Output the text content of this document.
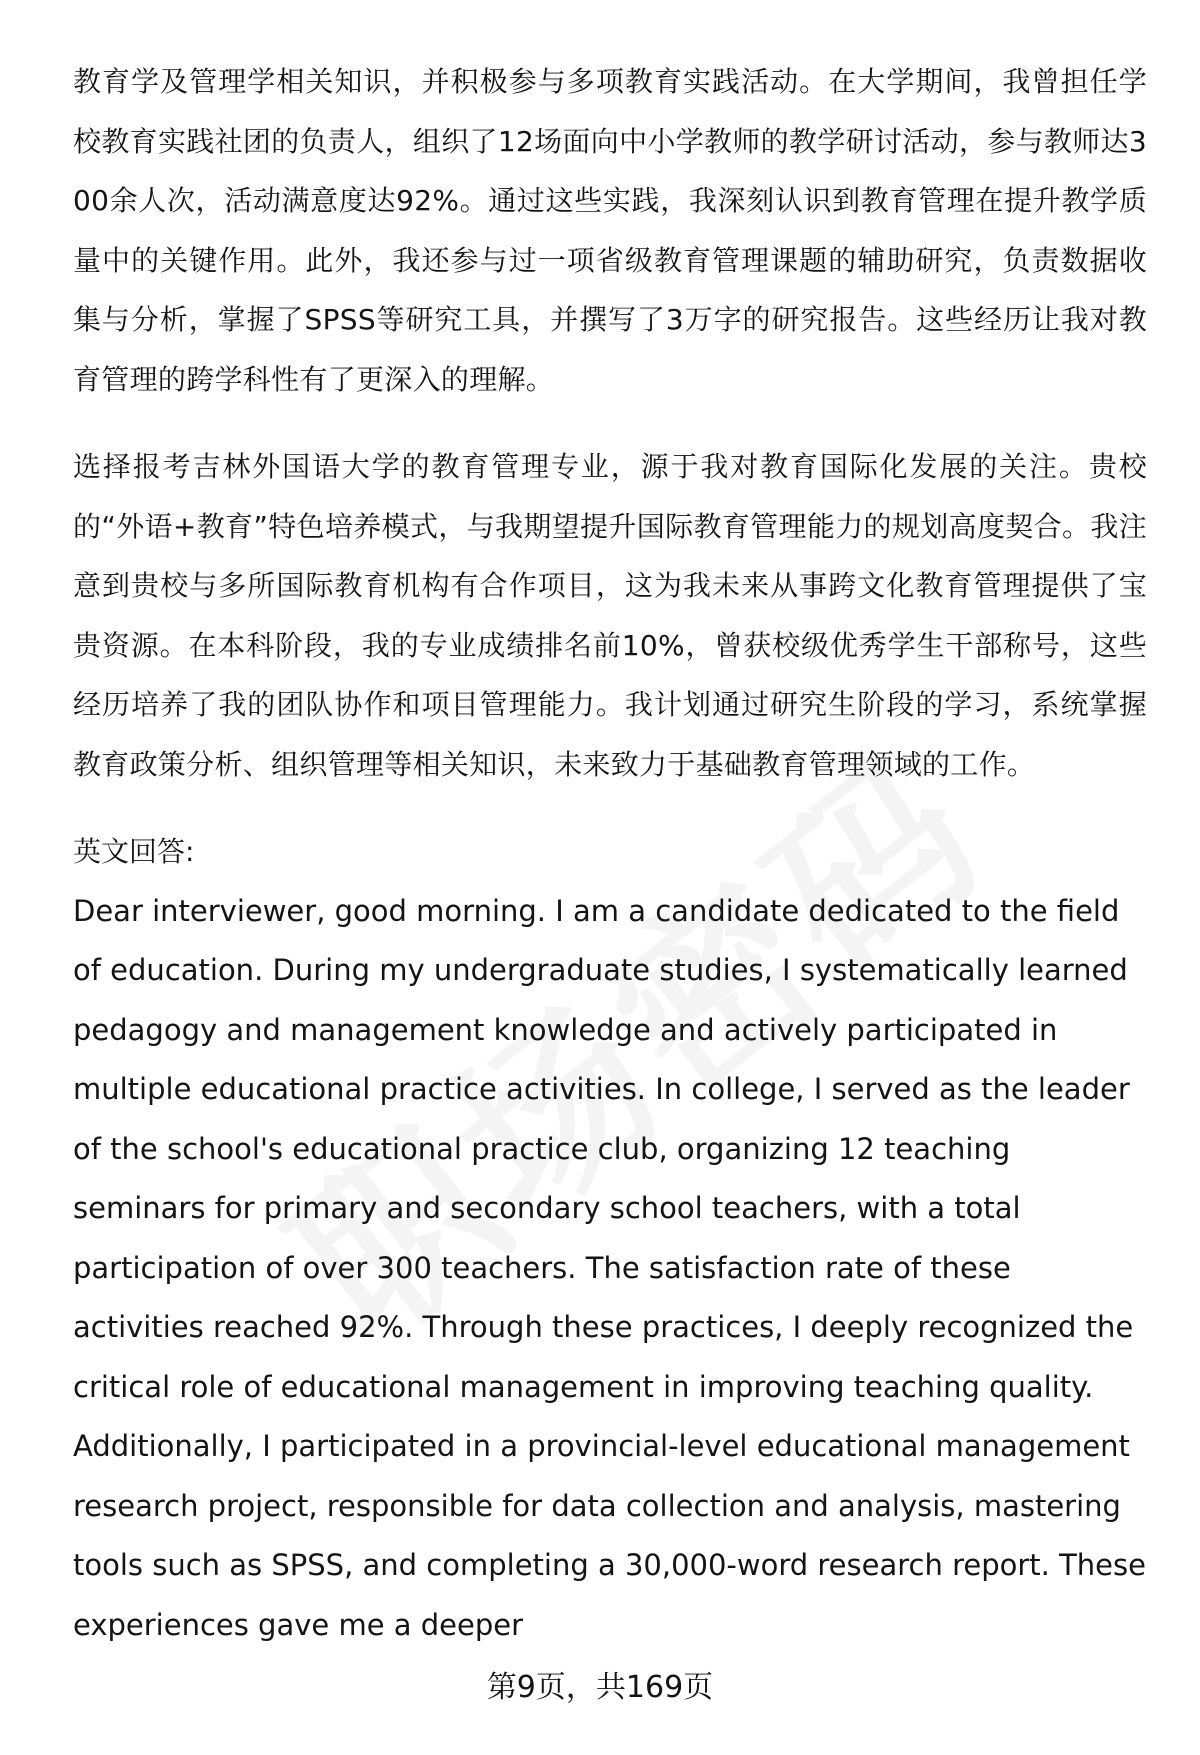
教育学及管理学相关知识，并积极参与多项教育实践活动。在大学期间，我曾担任学校教育实践社团的负责人，组织了12场面向中小学教师的教学研讨活动，参与教师达300余人次，活动满意度达92%。通过这些实践，我深刻认识到教育管理在提升教学质量中的关键作用。此外，我还参与过一项省级教育管理课题的辅助研究，负责数据收集与分析，掌握了SPSS等研究工具，并撰写了3万字的研究报告。这些经历让我对教育管理的跨学科性有了更深入的理解。

选择报考吉林外国语大学的教育管理专业，源于我对教育国际化发展的关注。贵校的“外语+教育”特色培养模式，与我期望提升国际教育管理能力的规划高度契合。我注意到贵校与多所国际教育机构有合作项目，这为我未来从事跨文化教育管理提供了宝贵资源。在本科阶段，我的专业成绩排名前10%，曾获校级优秀学生干部称号，这些经历培养了我的团队协作和项目管理能力。我计划通过研究生阶段的学习，系统掌握教育政策分析、组织管理等相关知识，未来致力于基础教育管理领域的工作。

英文回答:

Dear interviewer, good morning. I am a candidate dedicated to the field of education. During my undergraduate studies, I systematically learned pedagogy and management knowledge and actively participated in multiple educational practice activities. In college, I served as the leader of the school's educational practice club, organizing 12 teaching seminars for primary and secondary school teachers, with a total participation of over 300 teachers. The satisfaction rate of these activities reached 92%. Through these practices, I deeply recognized the critical role of educational management in improving teaching quality. Additionally, I participated in a provincial-level educational management research project, responsible for data collection and analysis, mastering tools such as SPSS, and completing a 30,000-word research report. These experiences gave me a deeper

第9页，共169页
